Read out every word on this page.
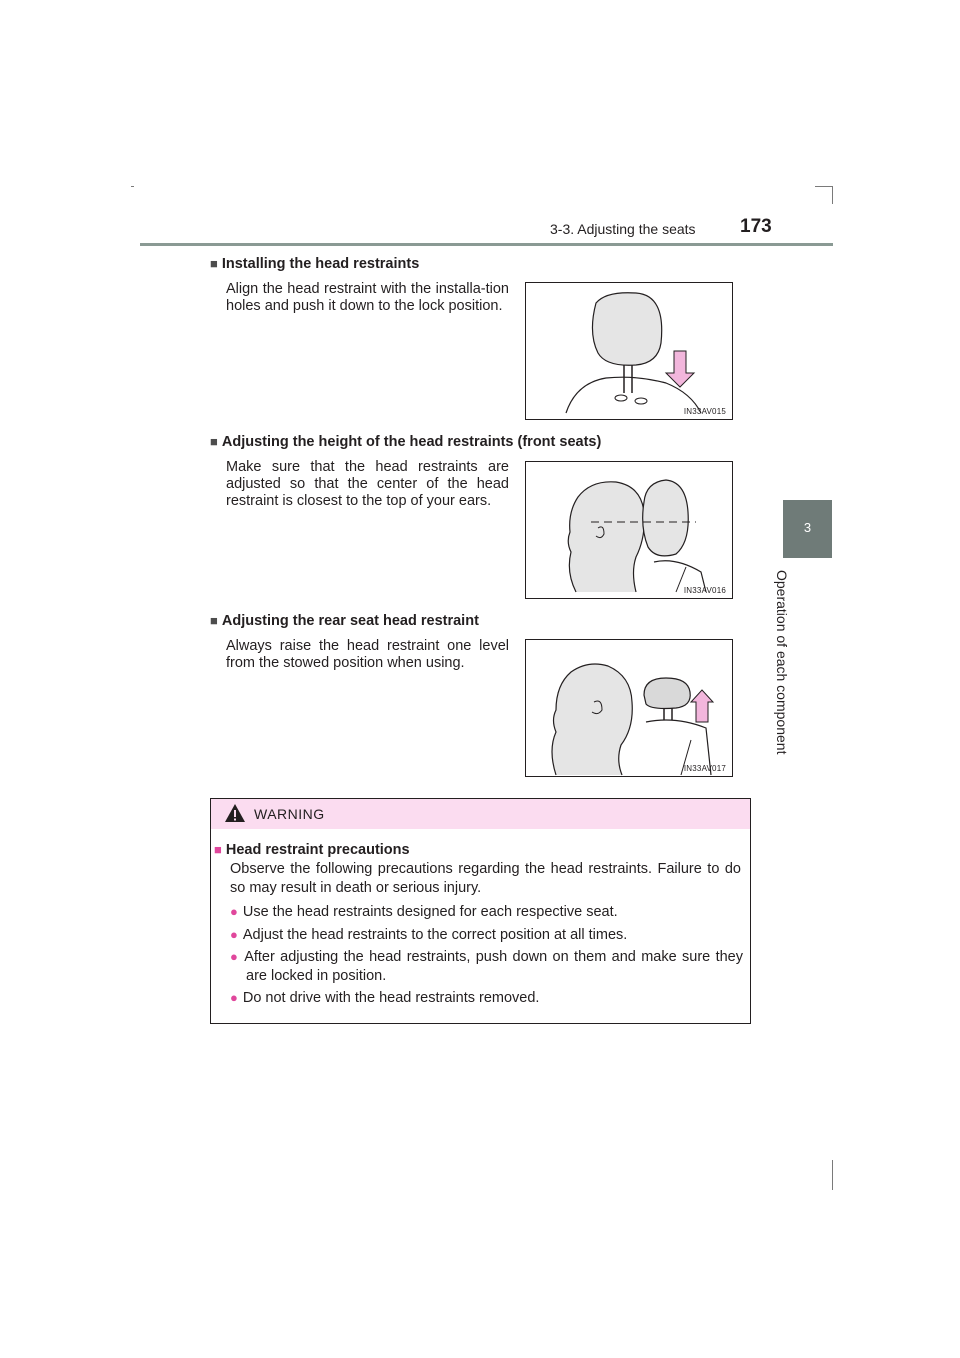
3-3. Adjusting the seats 173
3
Operation of each component
■ Installing the head restraints
Align the head restraint with the installa-tion holes and push it down to the lock position.
IN33AV015
■ Adjusting the height of the head restraints (front seats)
Make sure that the head restraints are adjusted so that the center of the head restraint is closest to the top of your ears.
IN33AV016
■ Adjusting the rear seat head restraint
Always raise the head restraint one level from the stowed position when using.
IN33AV017
WARNING
■ Head restraint precautions
Observe the following precautions regarding the head restraints. Failure to do so may result in death or serious injury.
● Use the head restraints designed for each respective seat.
● Adjust the head restraints to the correct position at all times.
● After adjusting the head restraints, push down on them and make sure they are locked in position.
● Do not drive with the head restraints removed.
